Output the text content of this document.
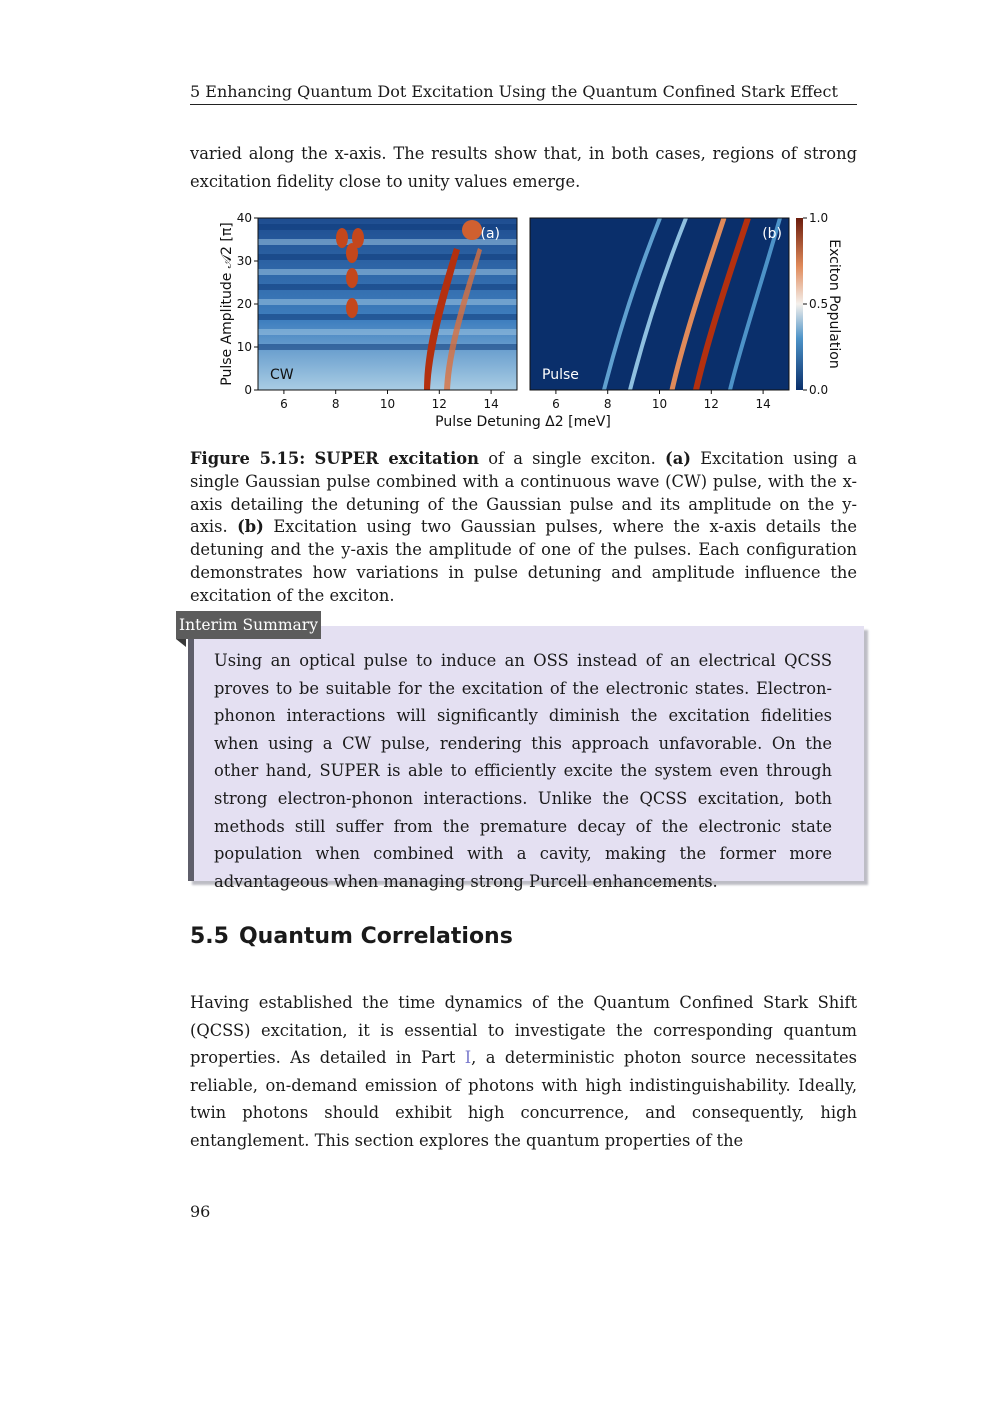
5 Enhancing Quantum Dot Excitation Using the Quantum Confined Stark Effect

varied along the x-axis. The results show that, in both cases, regions of strong excitation fidelity close to unity values emerge.

(a)
CW
(b)
Pulse
6	8	10	12	14
0
10
20
30
40
6	8	10	12	14
Pulse Amplitude 𝒜2 [π]
Pulse Detuning Δ2 [meV]
0.0
0.5
1.0
Exciton Population

Figure 5.15: SUPER excitation of a single exciton. (a) Excitation using a single Gaussian pulse combined with a continuous wave (CW) pulse, with the x-axis detailing the detuning of the Gaussian pulse and its amplitude on the y-axis. (b) Excitation using two Gaussian pulses, where the x-axis details the detuning and the y-axis the amplitude of one of the pulses. Each configuration demonstrates how variations in pulse detuning and amplitude influence the excitation of the exciton.

Interim Summary

Using an optical pulse to induce an OSS instead of an electrical QCSS proves to be suitable for the excitation of the electronic states. Electron-phonon interactions will significantly diminish the excitation fidelities when using a CW pulse, rendering this approach unfavorable. On the other hand, SUPER is able to efficiently excite the system even through strong electron-phonon interactions. Unlike the QCSS excitation, both methods still suffer from the premature decay of the electronic state population when combined with a cavity, making the former more advantageous when managing strong Purcell enhancements.

5.5 Quantum Correlations

Having established the time dynamics of the Quantum Confined Stark Shift (QCSS) excitation, it is essential to investigate the corresponding quantum properties. As detailed in Part I, a deterministic photon source necessitates reliable, on-demand emission of photons with high indistinguishability. Ideally, twin photons should exhibit high concurrence, and consequently, high entanglement. This section explores the quantum properties of the

96
